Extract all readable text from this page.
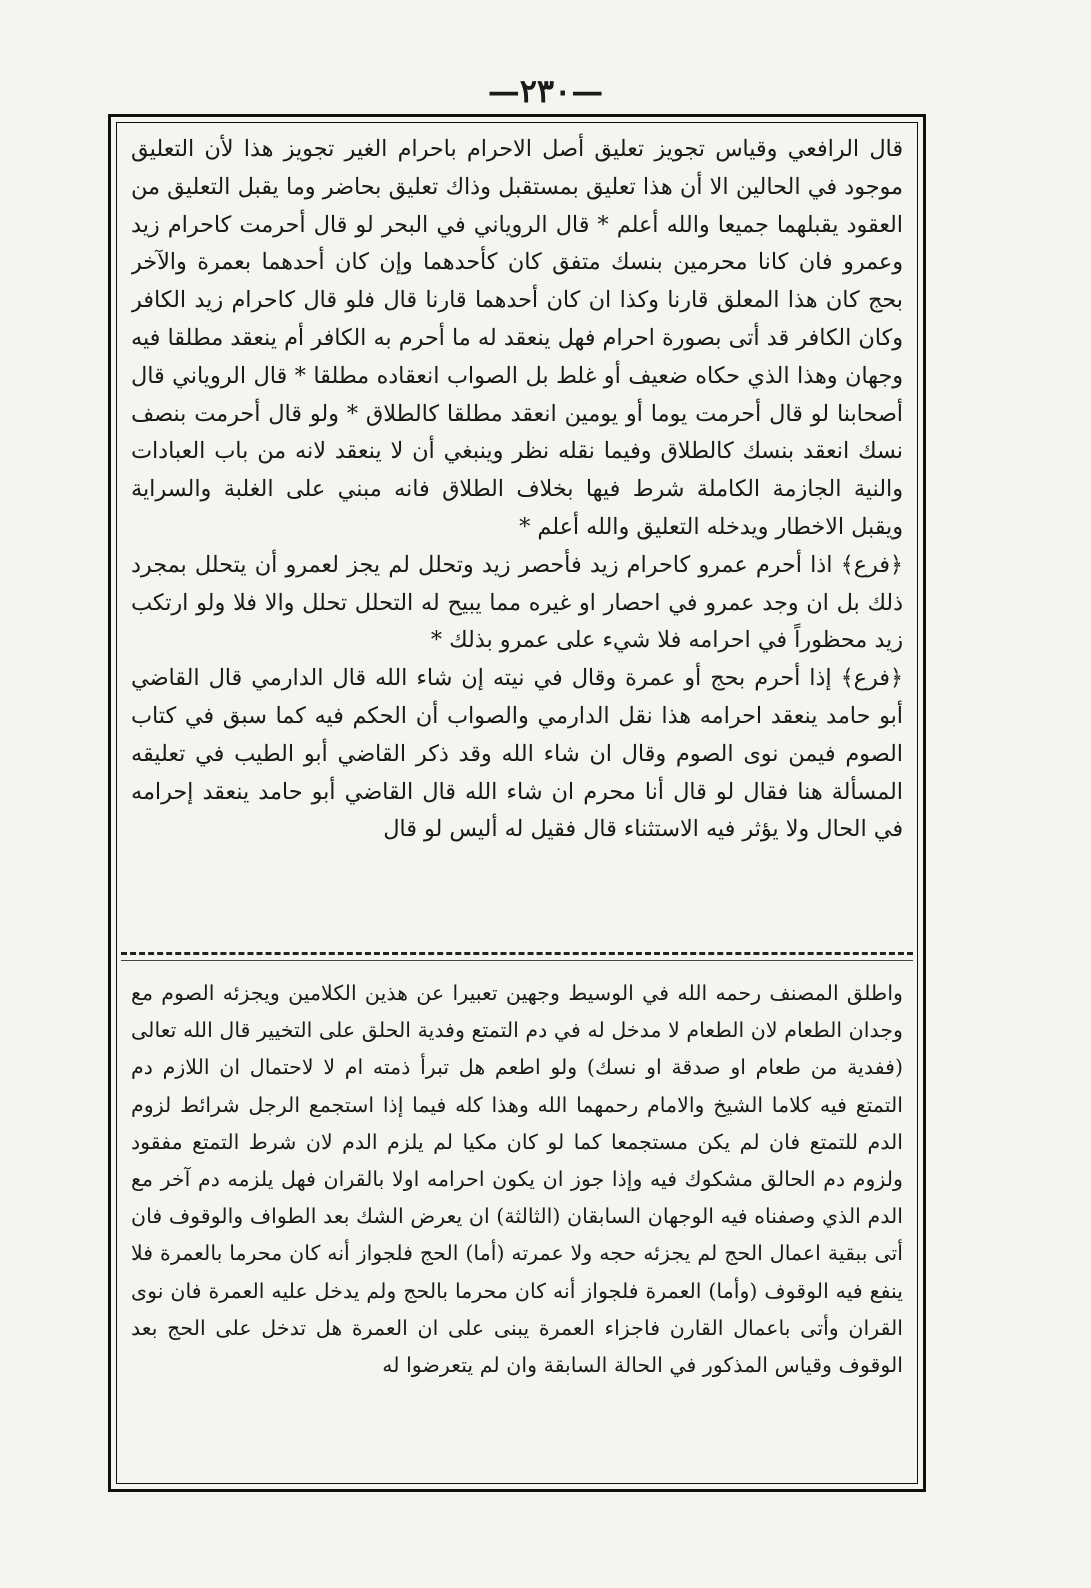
—٢٣٠—

قال الرافعي وقياس تجويز تعليق أصل الاحرام باحرام الغير تجويز هذا لأن التعليق موجود في الحالين الا أن هذا تعليق بمستقبل وذاك تعليق بحاضر وما يقبل التعليق من العقود يقبلهما جميعا والله أعلم * قال الروياني في البحر لو قال أحرمت كاحرام زيد وعمرو فان كانا محرمين بنسك متفق كان كأحدهما وإن كان أحدهما بعمرة والآخر بحج كان هذا المعلق قارنا وكذا ان كان أحدهما قارنا قال فلو قال كاحرام زيد الكافر وكان الكافر قد أتى بصورة احرام فهل ينعقد له ما أحرم به الكافر أم ينعقد مطلقا فيه وجهان وهذا الذي حكاه ضعيف أو غلط بل الصواب انعقاده مطلقا * قال الروياني قال أصحابنا لو قال أحرمت يوما أو يومين انعقد مطلقا كالطلاق * ولو قال أحرمت بنصف نسك انعقد بنسك كالطلاق وفيما نقله نظر وينبغي أن لا ينعقد لانه من باب العبادات والنية الجازمة الكاملة شرط فيها بخلاف الطلاق فانه مبني على الغلبة والسراية ويقبل الاخطار ويدخله التعليق والله أعلم *

﴿فرع﴾ اذا أحرم عمرو كاحرام زيد فأحصر زيد وتحلل لم يجز لعمرو أن يتحلل بمجرد ذلك بل ان وجد عمرو في احصار او غيره مما يبيح له التحلل تحلل والا فلا ولو ارتكب زيد محظوراً في احرامه فلا شيء على عمرو بذلك *

﴿فرع﴾ إذا أحرم بحج أو عمرة وقال في نيته إن شاء الله قال الدارمي قال القاضي أبو حامد ينعقد احرامه هذا نقل الدارمي والصواب أن الحكم فيه كما سبق في كتاب الصوم فيمن نوى الصوم وقال ان شاء الله وقد ذكر القاضي أبو الطيب في تعليقه المسألة هنا فقال لو قال أنا محرم ان شاء الله قال القاضي أبو حامد ينعقد إحرامه في الحال ولا يؤثر فيه الاستثناء قال فقيل له أليس لو قال

واطلق المصنف رحمه الله في الوسيط وجهين تعبيرا عن هذين الكلامين ويجزئه الصوم مع وجدان الطعام لان الطعام لا مدخل له في دم التمتع وفدية الحلق على التخيير قال الله تعالى (ففدية من طعام او صدقة او نسك) ولو اطعم هل تبرأ ذمته ام لا لاحتمال ان اللازم دم التمتع فيه كلاما الشيخ والامام رحمهما الله وهذا كله فيما إذا استجمع الرجل شرائط لزوم الدم للتمتع فان لم يكن مستجمعا كما لو كان مكيا لم يلزم الدم لان شرط التمتع مفقود ولزوم دم الحالق مشكوك فيه وإذا جوز ان يكون احرامه اولا بالقران فهل يلزمه دم آخر مع الدم الذي وصفناه فيه الوجهان السابقان (الثالثة) ان يعرض الشك بعد الطواف والوقوف فان أتى ببقية اعمال الحج لم يجزئه حجه ولا عمرته (أما) الحج فلجواز أنه كان محرما بالعمرة فلا ينفع فيه الوقوف (وأما) العمرة فلجواز أنه كان محرما بالحج ولم يدخل عليه العمرة فان نوى القران وأتى باعمال القارن فاجزاء العمرة يبنى على ان العمرة هل تدخل على الحج بعد الوقوف وقياس المذكور في الحالة السابقة وان لم يتعرضوا له
